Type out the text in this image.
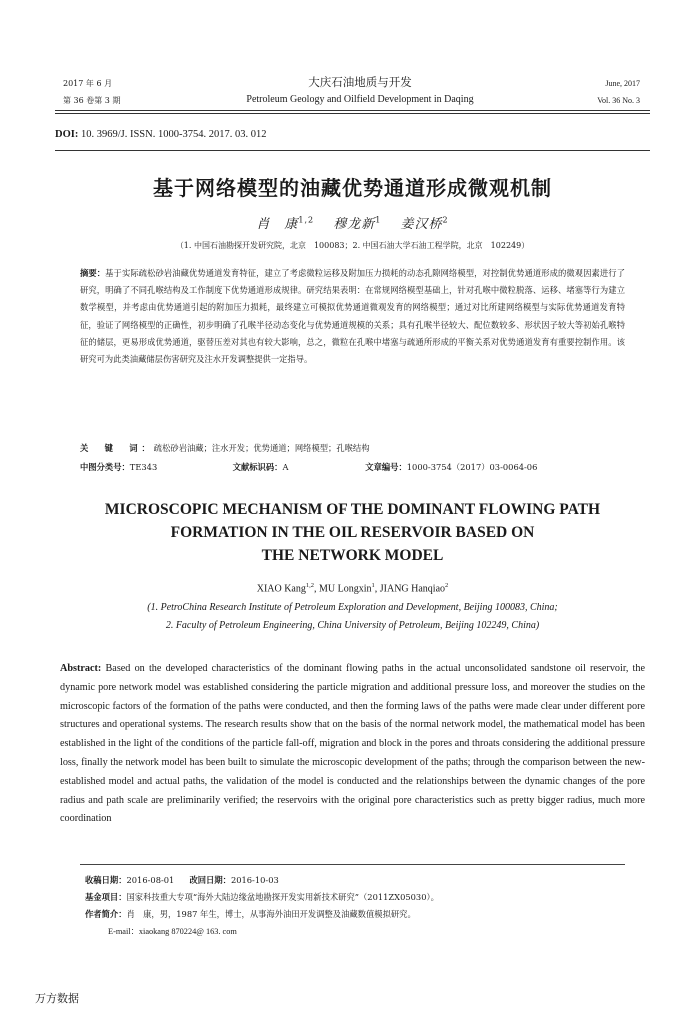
2017 年 6 月
第 36 卷第 3 期
大庆石油地质与开发
Petroleum Geology and Oilfield Development in Daqing
June, 2017
Vol. 36 No. 3
DOI: 10. 3969/J. ISSN. 1000-3754. 2017. 03. 012
基于网络模型的油藏优势通道形成微观机制
肖　康$^{1,2}$  穆龙新$^1$  姜汉桥$^2$
（1. 中国石油勘探开发研究院，北京　100083；2. 中国石油大学石油工程学院，北京　102249）
摘要：基于实际疏松砂岩油藏优势通道发育特征，建立了考虑微粒运移及附加压力损耗的动态孔隙网络模型，对控制优势通道形成的微观因素进行了研究，明确了不同孔喉结构及工作制度下优势通道形成规律。研究结果表明：在常规网络模型基础上，针对孔喉中微粒脱落、运移、堵塞等行为建立数学模型，并考虑由优势通道引起的附加压力损耗，最终建立可模拟优势通道微观发育的网络模型；通过对比所建网络模型与实际优势通道发育特征，验证了网络模型的正确性，初步明确了孔喉半径动态变化与优势通道规模的关系；具有孔喉半径较大、配位数较多、形状因子较大等初始孔喉特征的储层，更易形成优势通道，驱替压差对其也有较大影响，总之，微粒在孔喉中堵塞与疏通所形成的平衡关系对优势通道发育有重要控制作用。该研究可为此类油藏储层伤害研究及注水开发调整提供一定指导。
关　键　词：疏松砂岩油藏；注水开发；优势通道；网络模型；孔喉结构
中图分类号：TE343	文献标识码：A	文章编号：1000-3754（2017）03-0064-06
MICROSCOPIC MECHANISM OF THE DOMINANT FLOWING PATH
FORMATION IN THE OIL RESERVOIR BASED ON
THE NETWORK MODEL
XIAO Kang$^{1,2}$, MU Longxin$^1$, JIANG Hanqiao$^2$
(1. PetroChina Research Institute of Petroleum Exploration and Development, Beijing 100083, China;
2. Faculty of Petroleum Engineering, China University of Petroleum, Beijing 102249, China)
Abstract: Based on the developed characteristics of the dominant flowing paths in the actual unconsolidated sandstone oil reservoir, the dynamic pore network model was established considering the particle migration and additional pressure loss, and moreover the studies on the microscopic factors of the formation of the paths were conducted, and then the forming laws of the paths were made clear under different pore structures and operational systems. The research results show that on the basis of the normal network model, the mathematical model has been established in the light of the conditions of the particle fall-off, migration and block in the pores and throats considering the additional pressure loss, finally the network model has been built to simulate the microscopic development of the paths; through the comparison between the new-established model and actual paths, the validation of the model is conducted and the relationships between the dynamic changes of the pore radius and path scale are preliminarily verified; the reservoirs with the original pore characteristics such as pretty bigger radius, much more coordination
收稿日期：2016-08-01    改回日期：2016-10-03
基金项目：国家科技重大专项“海外大陆边缘盆地勘探开发实用新技术研究”（2011ZX05030）。
作者简介：肖　康，男，1987 年生，博士，从事海外油田开发调整及油藏数值模拟研究。
E-mail：xiaokang 870224@ 163. com
万方数据
